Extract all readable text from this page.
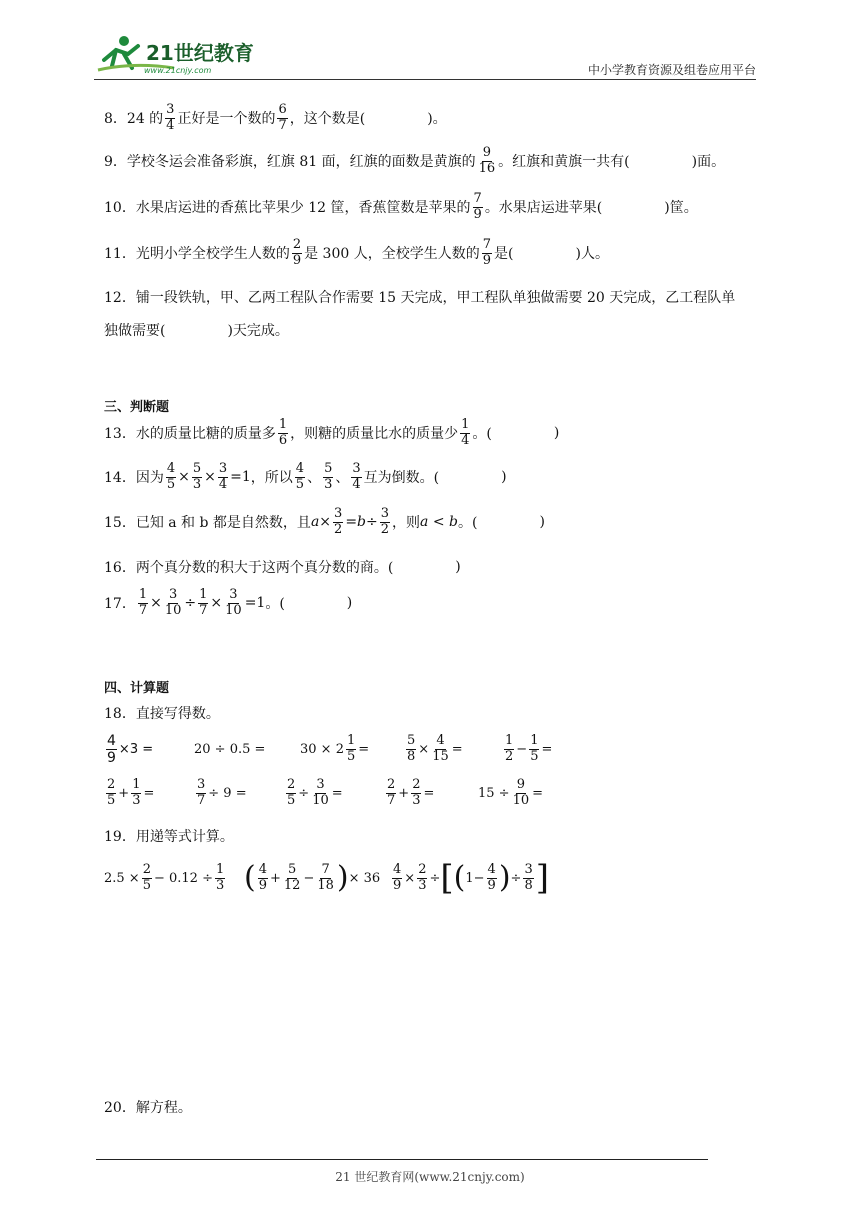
21世纪教育
www.21cnjy.com	中小学教育资源及组卷应用平台
8．24 的 $\frac{3}{4}$ 正好是一个数的 $\frac{6}{7}$ ，这个数是(	)。
9．学校冬运会准备彩旗，红旗 81 面，红旗的面数是黄旗的 $\frac{9}{16}$ 。红旗和黄旗一共有(	)面。
10．水果店运进的香蕉比苹果少 12 筐，香蕉筐数是苹果的 $\frac{7}{9}$ 。水果店运进苹果(	)筐。
11．光明小学全校学生人数的 $\frac{2}{9}$ 是 300 人，全校学生人数的 $\frac{7}{9}$ 是(	)人。
12．铺一段铁轨，甲、乙两工程队合作需要 15 天完成，甲工程队单独做需要 20 天完成，乙工程队单
独做需要(	)天完成。
三、判断题
13．水的质量比糖的质量多 $\frac{1}{6}$ ，则糖的质量比水的质量少 $\frac{1}{4}$ 。(	)
14．因为 $\frac{4}{5} \times \frac{5}{3} \times \frac{3}{4} =1$ ，所以 $\frac{4}{5}$ 、 $\frac{5}{3}$ 、 $\frac{3}{4}$ 互为倒数。(	)
15．已知 a 和 b 都是自然数，且 $a \times \frac{3}{2} = b \div \frac{3}{2}$ ，则 a < b 。(	)
16．两个真分数的积大于这两个真分数的商。(	)
17． $\frac{1}{7} \times \frac{3}{10} \div \frac{1}{7} \times \frac{3}{10} =1$ 。(	)
四、计算题
18．直接写得数。
$\frac{4}{9} \times 3$ =	20 ÷ 0.5 =	$30 \times 2 \frac{1}{5}$ =	$\frac{5}{8} \times \frac{4}{15}$ =	$\frac{1}{2} - \frac{1}{5}$ =
$\frac{2}{5} + \frac{1}{3}$ =	$\frac{3}{7} \div 9$ =	$\frac{2}{5} \div \frac{3}{10}$ =	$\frac{2}{7} + \frac{2}{3}$ =	$15 \div \frac{9}{10}$ =
19．用递等式计算。
$2.5 \times \frac{2}{5} - 0.12 \div \frac{1}{3}$ ( $\frac{4}{9} + \frac{5}{12} - \frac{7}{18}$ ) × $36 \frac{4}{9} \times \frac{2}{3}$ ÷ [ ( $1- \frac{4}{9}$ ) ÷ $\frac{3}{8}$ ]
20．解方程。
21 世纪教育网(www.21cnjy.com)
